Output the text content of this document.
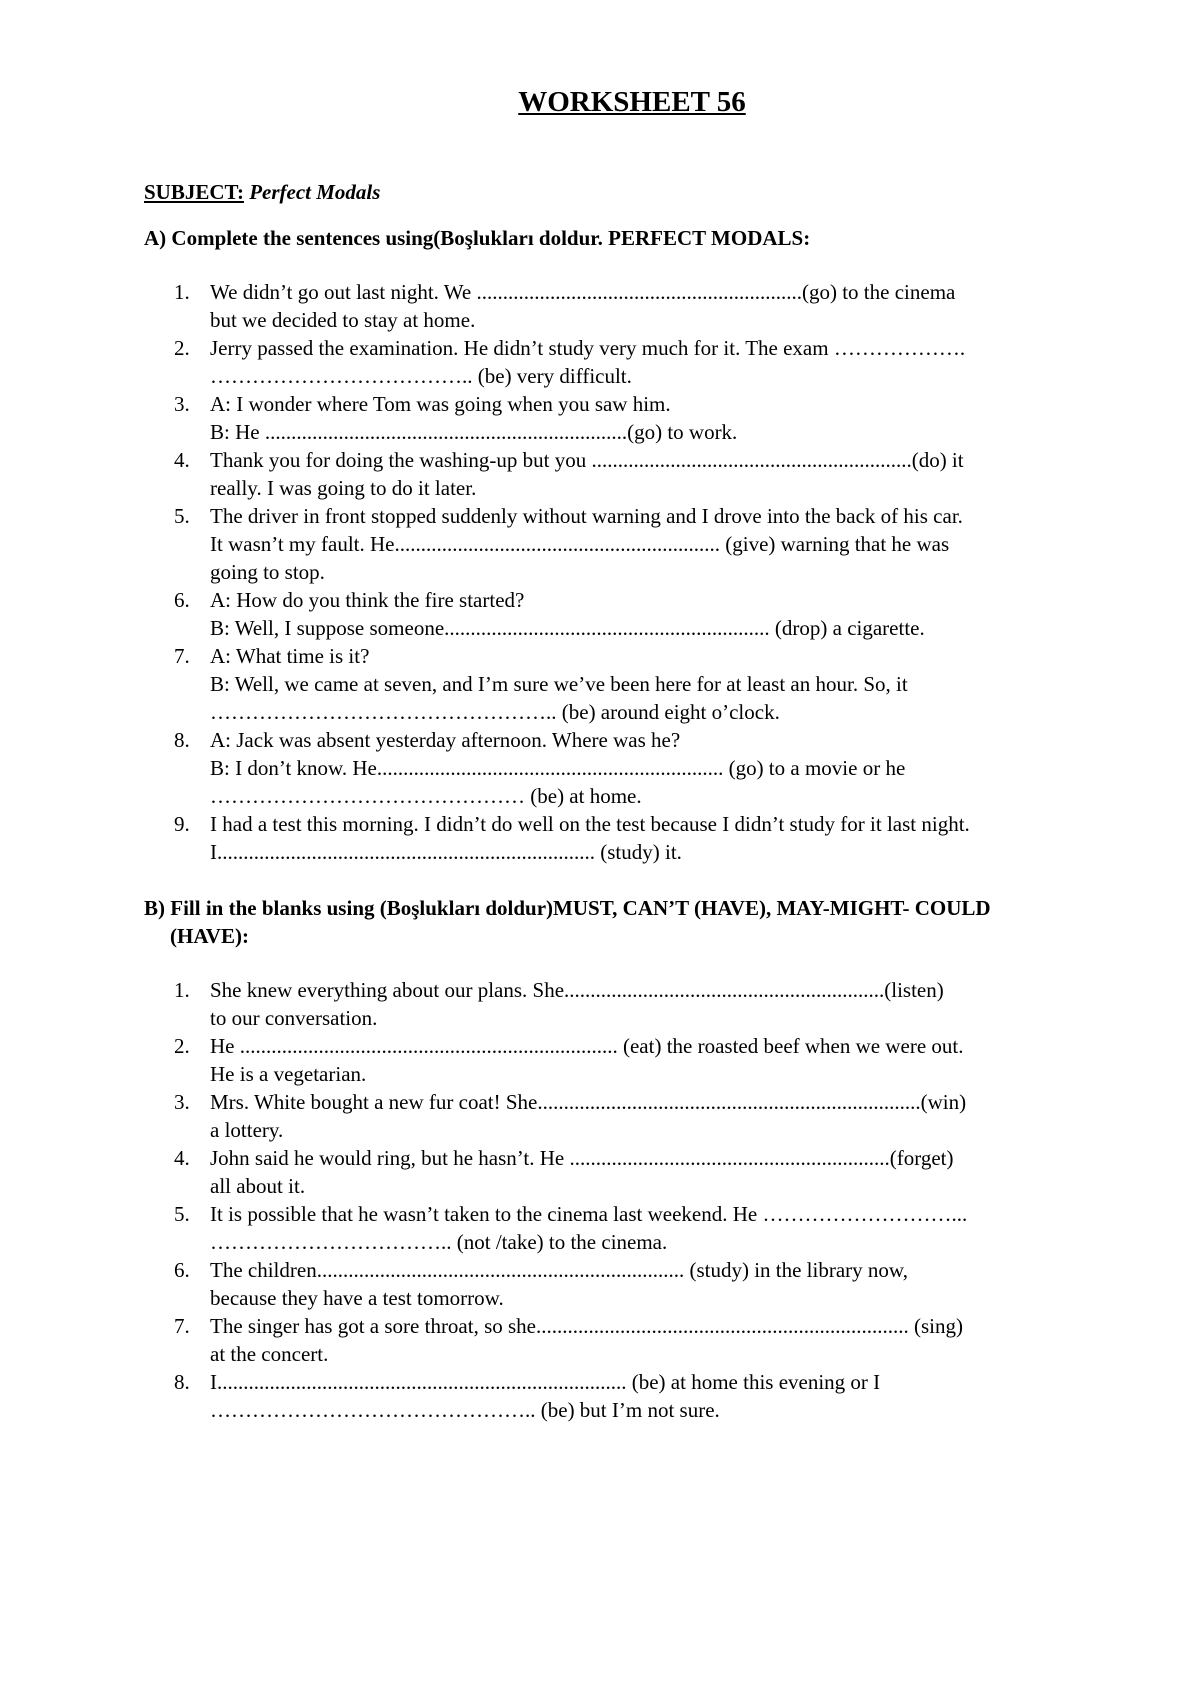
WORKSHEET 56
SUBJECT: Perfect Modals
A) Complete the sentences using(Boşlukları doldur. PERFECT MODALS:
1. We didn’t go out last night. We ..............................................................(go) to the cinema
but we decided to stay at home.
2. Jerry passed the examination. He didn’t study very much for it. The exam ……………….
……………………………….. (be) very difficult.
3. A: I wonder where Tom was going when you saw him.
B: He .....................................................................(go) to work.
4. Thank you for doing the washing-up but you .............................................................(do) it
really. I was going to do it later.
5. The driver in front stopped suddenly without warning and I drove into the back of his car.
It wasn’t my fault. He.............................................................. (give) warning that he was
going to stop.
6. A: How do you think the fire started?
B: Well, I suppose someone.............................................................. (drop) a cigarette.
7. A: What time is it?
B: Well, we came at seven, and I’m sure we’ve been here for at least an hour. So, it
………………………………………….. (be) around eight o’clock.
8. A: Jack was absent yesterday afternoon. Where was he?
B: I don’t know. He.................................................................. (go) to a movie or he
……………………………………… (be) at home.
9. I had a test this morning. I didn’t do well on the test because I didn’t study for it last night.
I........................................................................ (study) it.
B) Fill in the blanks using (Boşlukları doldur)MUST, CAN’T (HAVE), MAY-MIGHT- COULD
(HAVE):
1. She knew everything about our plans. She.............................................................(listen)
to our conversation.
2. He ........................................................................ (eat) the roasted beef when we were out.
He is a vegetarian.
3. Mrs. White bought a new fur coat! She.........................................................................(win)
a lottery.
4. John said he would ring, but he hasn’t. He .............................................................(forget)
all about it.
5. It is possible that he wasn’t taken to the cinema last weekend. He ………………………...
…………………………….. (not /take) to the cinema.
6. The children...................................................................... (study) in the library now,
because they have a test tomorrow.
7. The singer has got a sore throat, so she....................................................................... (sing)
at the concert.
8. I.............................................................................. (be) at home this evening or I
……………………………………….. (be) but I’m not sure.
